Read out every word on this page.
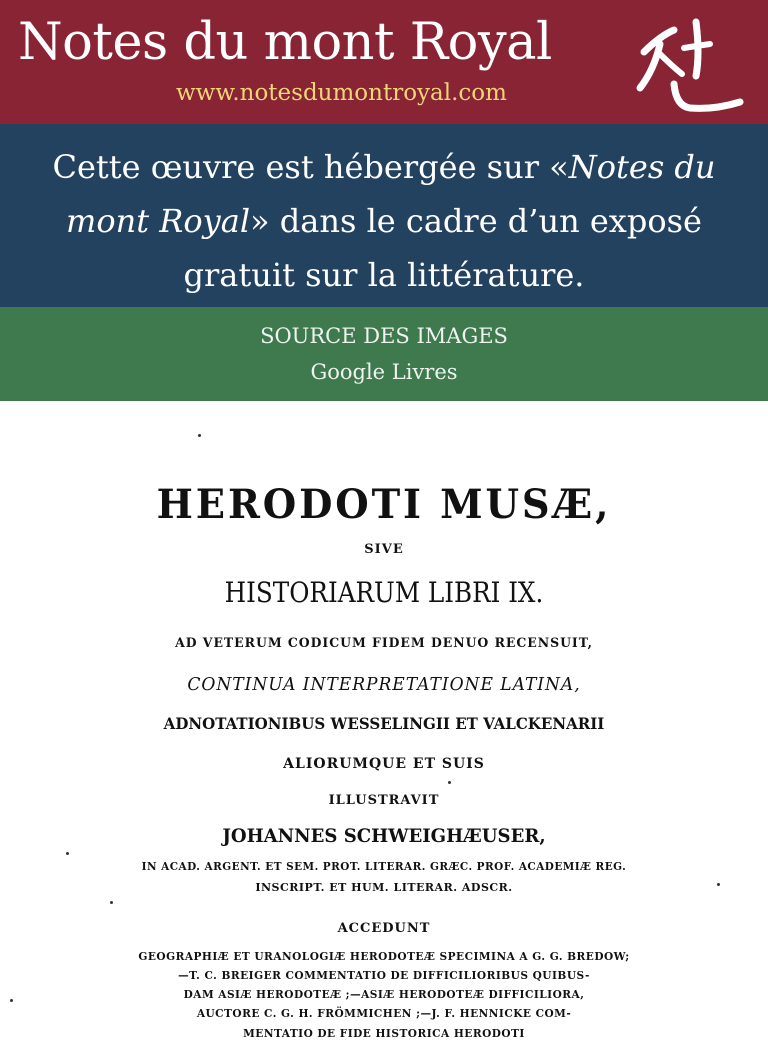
Notes du mont Royal
www.notesdumontroyal.com

Cette œuvre est hébergée sur «Notes du mont Royal» dans le cadre d’un exposé gratuit sur la littérature.

SOURCE DES IMAGES
Google Livres

HERODOTI MUSÆ,

SIVE

HISTORIARUM LIBRI IX.

AD VETERUM CODICUM FIDEM DENUO RECENSUIT,

CONTINUA INTERPRETATIONE LATINA,

ADNOTATIONIBUS WESSELINGII ET VALCKENARII

ALIORUMQUE ET SUIS

ILLUSTRAVIT

JOHANNES SCHWEIGHÆUSER,

IN ACAD. ARGENT. ET SEM. PROT. LITERAR. GRÆC. PROF. ACADEMIÆ REG.

INSCRIPT. ET HUM. LITERAR. ADSCR.

ACCEDUNT

GEOGRAPHIÆ ET URANOLOGIÆ HERODOTEÆ SPECIMINA A G. G. BREDOW;

—T. C. BREIGER COMMENTATIO DE DIFFICILIORIBUS QUIBUS-

DAM ASIÆ HERODOTEÆ ;—ASIÆ HERODOTEÆ DIFFICILIORA,

AUCTORE C. G. H. FRÖMMICHEN ;—J. F. HENNICKE COM-

MENTATIO DE FIDE HISTORICA HERODOTI
